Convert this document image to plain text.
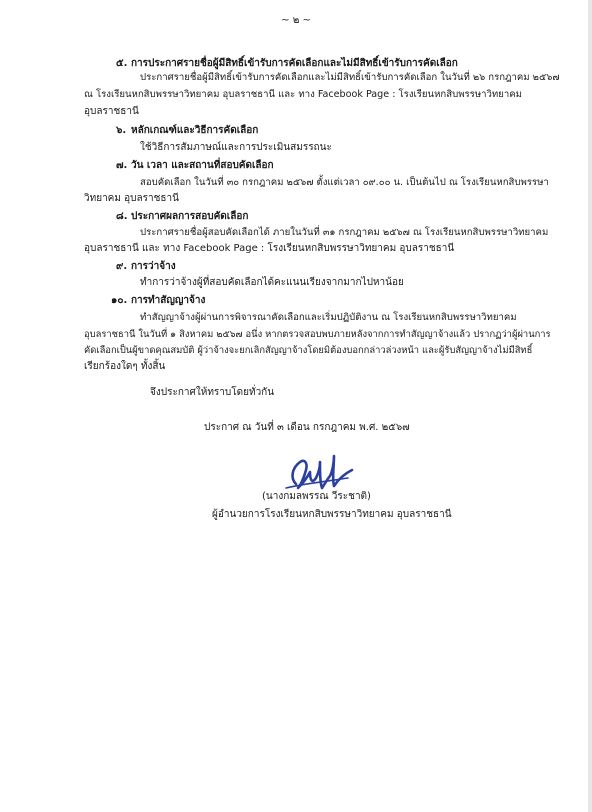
~ ๒ ~
๕. การประกาศรายชื่อผู้มีสิทธิ์เข้ารับการคัดเลือกและไม่มีสิทธิ์เข้ารับการคัดเลือก
ประกาศรายชื่อผู้มีสิทธิ์เข้ารับการคัดเลือกและไม่มีสิทธิ์เข้ารับการคัดเลือก ในวันที่ ๒๖ กรกฎาคม ๒๕๖๗
ณ โรงเรียนหกสิบพรรษาวิทยาคม อุบลราชธานี และ ทาง Facebook Page : โรงเรียนหกสิบพรรษาวิทยาคม
อุบลราชธานี
๖. หลักเกณฑ์และวิธีการคัดเลือก
ใช้วิธีการสัมภาษณ์และการประเมินสมรรถนะ
๗. วัน เวลา และสถานที่สอบคัดเลือก
สอบคัดเลือก ในวันที่ ๓๐ กรกฎาคม ๒๕๖๗ ตั้งแต่เวลา ๐๙.๐๐ น. เป็นต้นไป ณ โรงเรียนหกสิบพรรษา
วิทยาคม อุบลราชธานี
๘. ประกาศผลการสอบคัดเลือก
ประกาศรายชื่อผู้สอบคัดเลือกได้ ภายในวันที่ ๓๑ กรกฎาคม ๒๕๖๗ ณ โรงเรียนหกสิบพรรษาวิทยาคม
อุบลราชธานี และ ทาง Facebook Page : โรงเรียนหกสิบพรรษาวิทยาคม อุบลราชธานี
๙. การว่าจ้าง
ทำการว่าจ้างผู้ที่สอบคัดเลือกได้คะแนนเรียงจากมากไปหาน้อย
๑๐. การทำสัญญาจ้าง
ทำสัญญาจ้างผู้ผ่านการพิจารณาคัดเลือกและเริ่มปฏิบัติงาน ณ โรงเรียนหกสิบพรรษาวิทยาคม
อุบลราชธานี ในวันที่ ๑ สิงหาคม ๒๕๖๗ อนึ่ง หากตรวจสอบพบภายหลังจากการทำสัญญาจ้างแล้ว ปรากฏว่าผู้ผ่านการ
คัดเลือกเป็นผู้ขาดคุณสมบัติ ผู้ว่าจ้างจะยกเลิกสัญญาจ้างโดยมิต้องบอกกล่าวล่วงหน้า และผู้รับสัญญาจ้างไม่มีสิทธิ์
เรียกร้องใดๆ ทั้งสิ้น
จึงประกาศให้ทราบโดยทั่วกัน
ประกาศ ณ วันที่ ๓ เดือน กรกฎาคม พ.ศ. ๒๕๖๗
(นางกมลพรรณ วีระชาติ)
ผู้อำนวยการโรงเรียนหกสิบพรรษาวิทยาคม อุบลราชธานี
